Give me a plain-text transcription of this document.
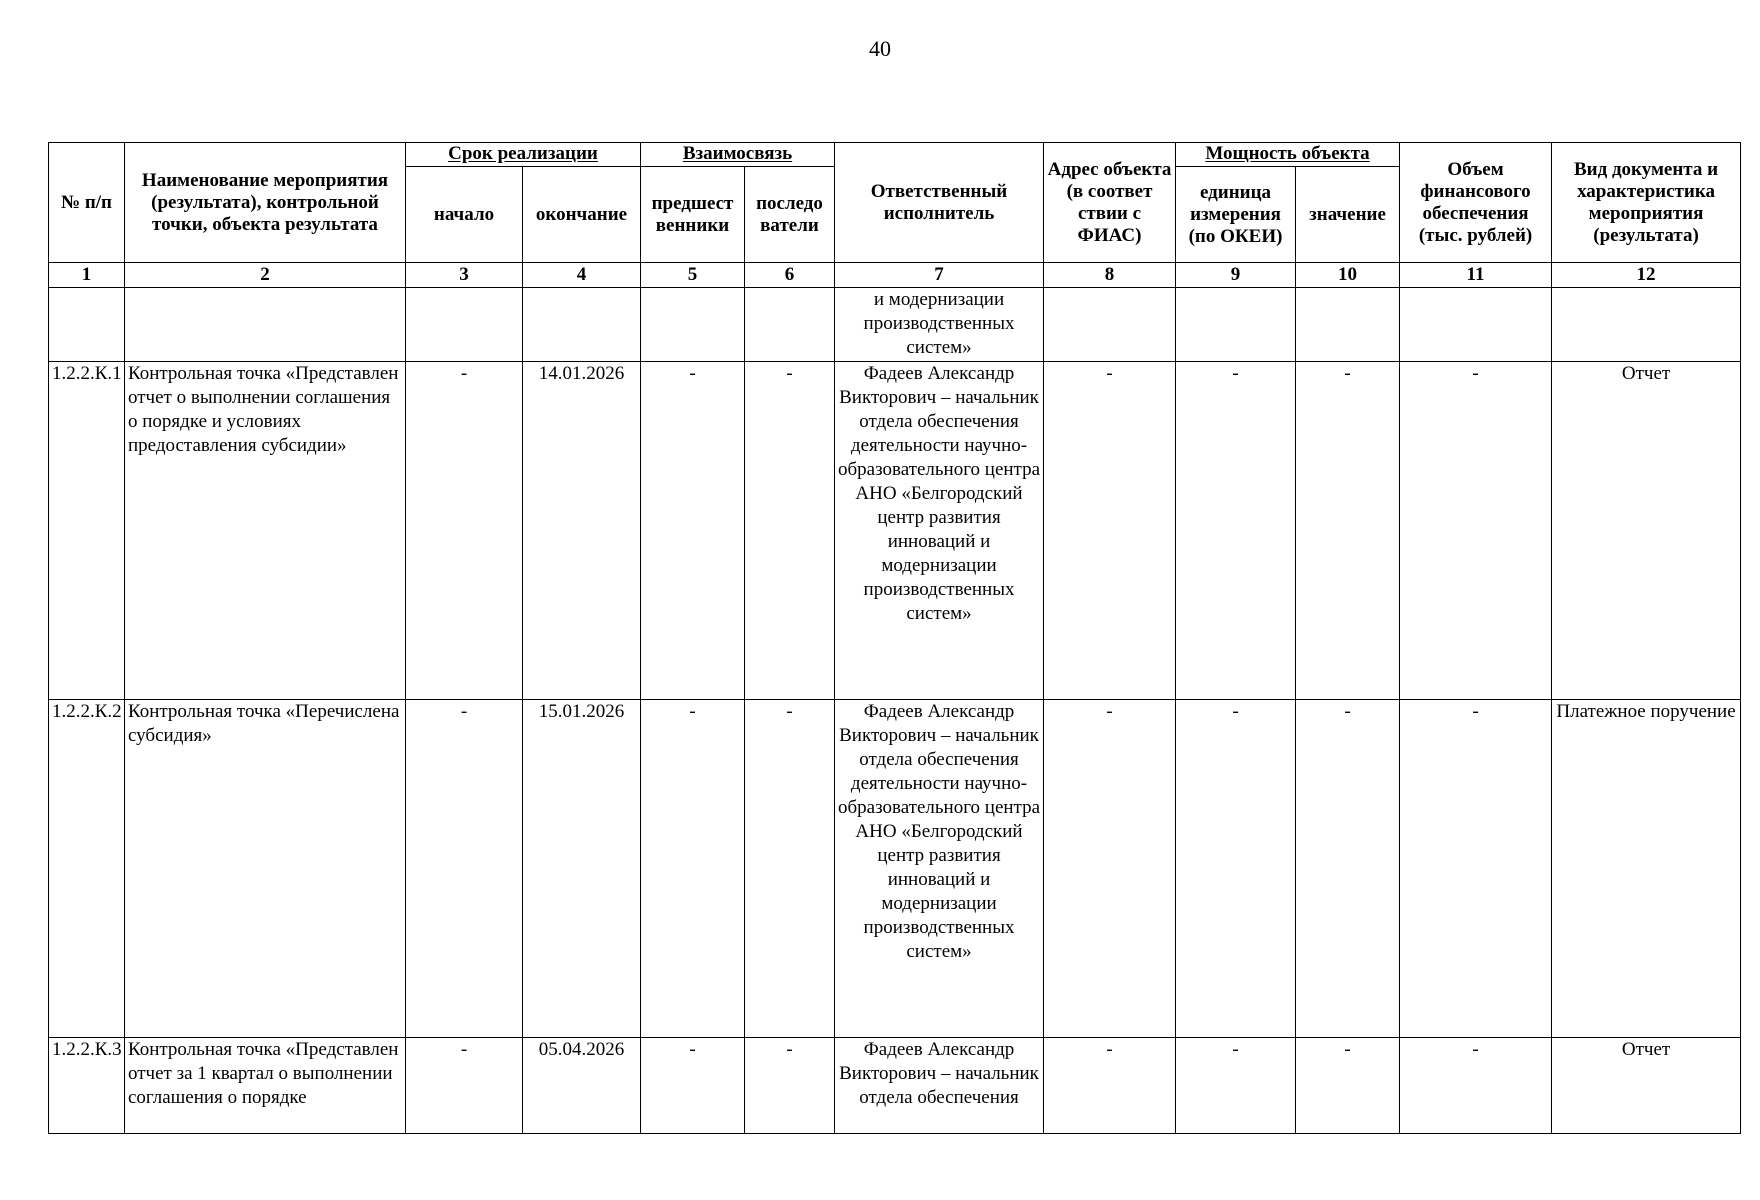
40
№ п/п	Наименование мероприятия (результата), контрольной точки, объекта результата	Срок реализации		Взаимосвязь		Ответственный исполнитель	Адрес объекта (в соответ ствии с ФИАС)	Мощность объекта		Объем финансового обеспечения (тыс. рублей)	Вид документа и характеристика мероприятия (результата)
		начало	окончание	предшест венники	последо ватели			единица измерения (по ОКЕИ)	значение		
1	2	3	4	5	6	7	8	9	10	11	12
						и модернизации производственных систем»					
1.2.2.К.1	Контрольная точка «Представлен отчет о выполнении соглашения о порядке и условиях предоставления субсидии»	-	14.01.2026	-	-	Фадеев Александр Викторович – начальник отдела обеспечения деятельности научно-образовательного центра АНО «Белгородский центр развития инноваций и модернизации производственных систем»	-	-	-	-	Отчет
1.2.2.К.2	Контрольная точка «Перечислена субсидия»	-	15.01.2026	-	-	Фадеев Александр Викторович – начальник отдела обеспечения деятельности научно-образовательного центра АНО «Белгородский центр развития инноваций и модернизации производственных систем»	-	-	-	-	Платежное поручение
1.2.2.К.3	Контрольная точка «Представлен отчет за 1 квартал о выполнении соглашения о порядке	-	05.04.2026	-	-	Фадеев Александр Викторович – начальник отдела обеспечения	-	-	-	-	Отчет
